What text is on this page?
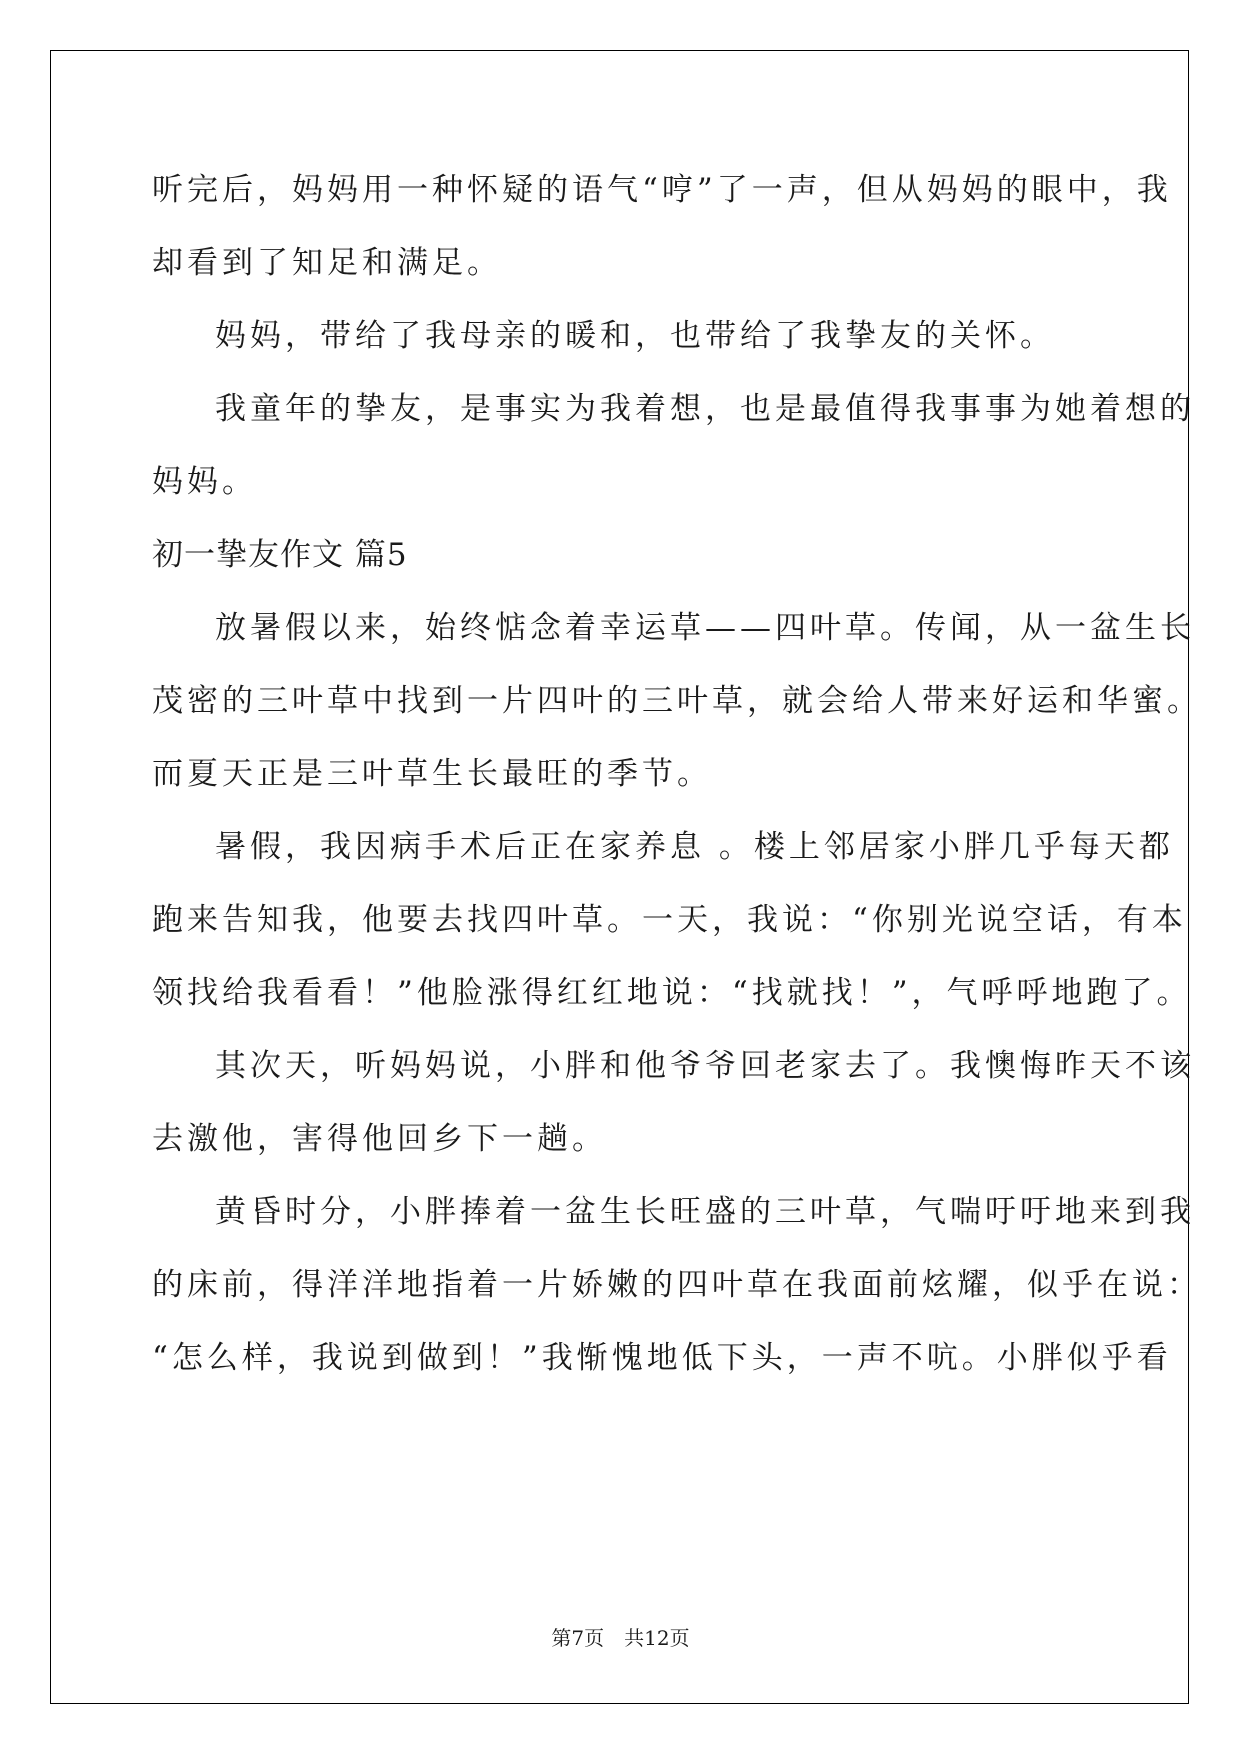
听完后，妈妈用一种怀疑的语气“哼”了一声，但从妈妈的眼中，我
却看到了知足和满足。
妈妈，带给了我母亲的暖和，也带给了我挚友的关怀。
我童年的挚友，是事实为我着想，也是最值得我事事为她着想的
妈妈。
初一挚友作文 篇5
放暑假以来，始终惦念着幸运草——四叶草。传闻，从一盆生长
茂密的三叶草中找到一片四叶的三叶草，就会给人带来好运和华蜜。
而夏天正是三叶草生长最旺的季节。
暑假，我因病手术后正在家养息 。楼上邻居家小胖几乎每天都
跑来告知我，他要去找四叶草。一天，我说：“你别光说空话，有本
领找给我看看！”他脸涨得红红地说：“找就找！”，气呼呼地跑了。
其次天，听妈妈说，小胖和他爷爷回老家去了。我懊悔昨天不该
去激他，害得他回乡下一趟。
黄昏时分，小胖捧着一盆生长旺盛的三叶草，气喘吁吁地来到我
的床前，得洋洋地指着一片娇嫩的四叶草在我面前炫耀，似乎在说：
“怎么样，我说到做到！”我惭愧地低下头，一声不吭。小胖似乎看
第7页　共12页
